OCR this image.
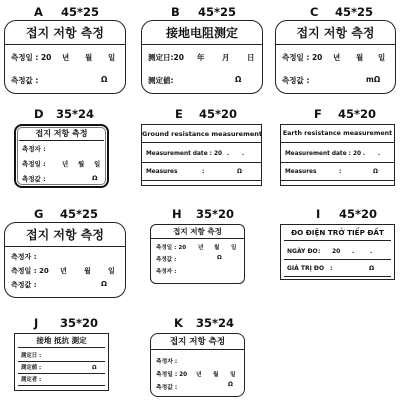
A 45*25
접지 저항 측정
측정일 : 20 년 월 일
측정값 :	Ω
B 45*25
接地电阻测定
测定日:20 年 月 日
测定値:	Ω
C 45*25
접지 저항 측정
측정일 : 20 년 월 일
측정값 :	mΩ
D 35*24
접지 저항 측정
측정자 :
측정일 :	년 월 일
측정값 :	Ω
E 45*20
Ground resistance measurement
Measurement date : 20 . .
Measures	:	Ω
F 45*20
Earth resistance measurement
Measurement date : 20 . .
Measures	:	Ω
G 45*25
접지 저항 측정
측정자 :
측정일 : 20 년 월 일
측정값 :	Ω
H 35*20
접지 저항 측정
측정일 : 20 년 월 일
측정값 :	Ω
측정자 :
I 45*20
ĐO ĐIỆN TRỞ TIẾP ĐẤT
NGÀY ĐO : 20 .	.
GIÁ TRỊ ĐO :	Ω
J 35*20
接地 抵抗 測定
測定日 :
測定値 :	Ω
測定者 :
K 35*24
접지 저항 측정
측정자 :
측정일 : 20 년 월 일
측정값 :	Ω
